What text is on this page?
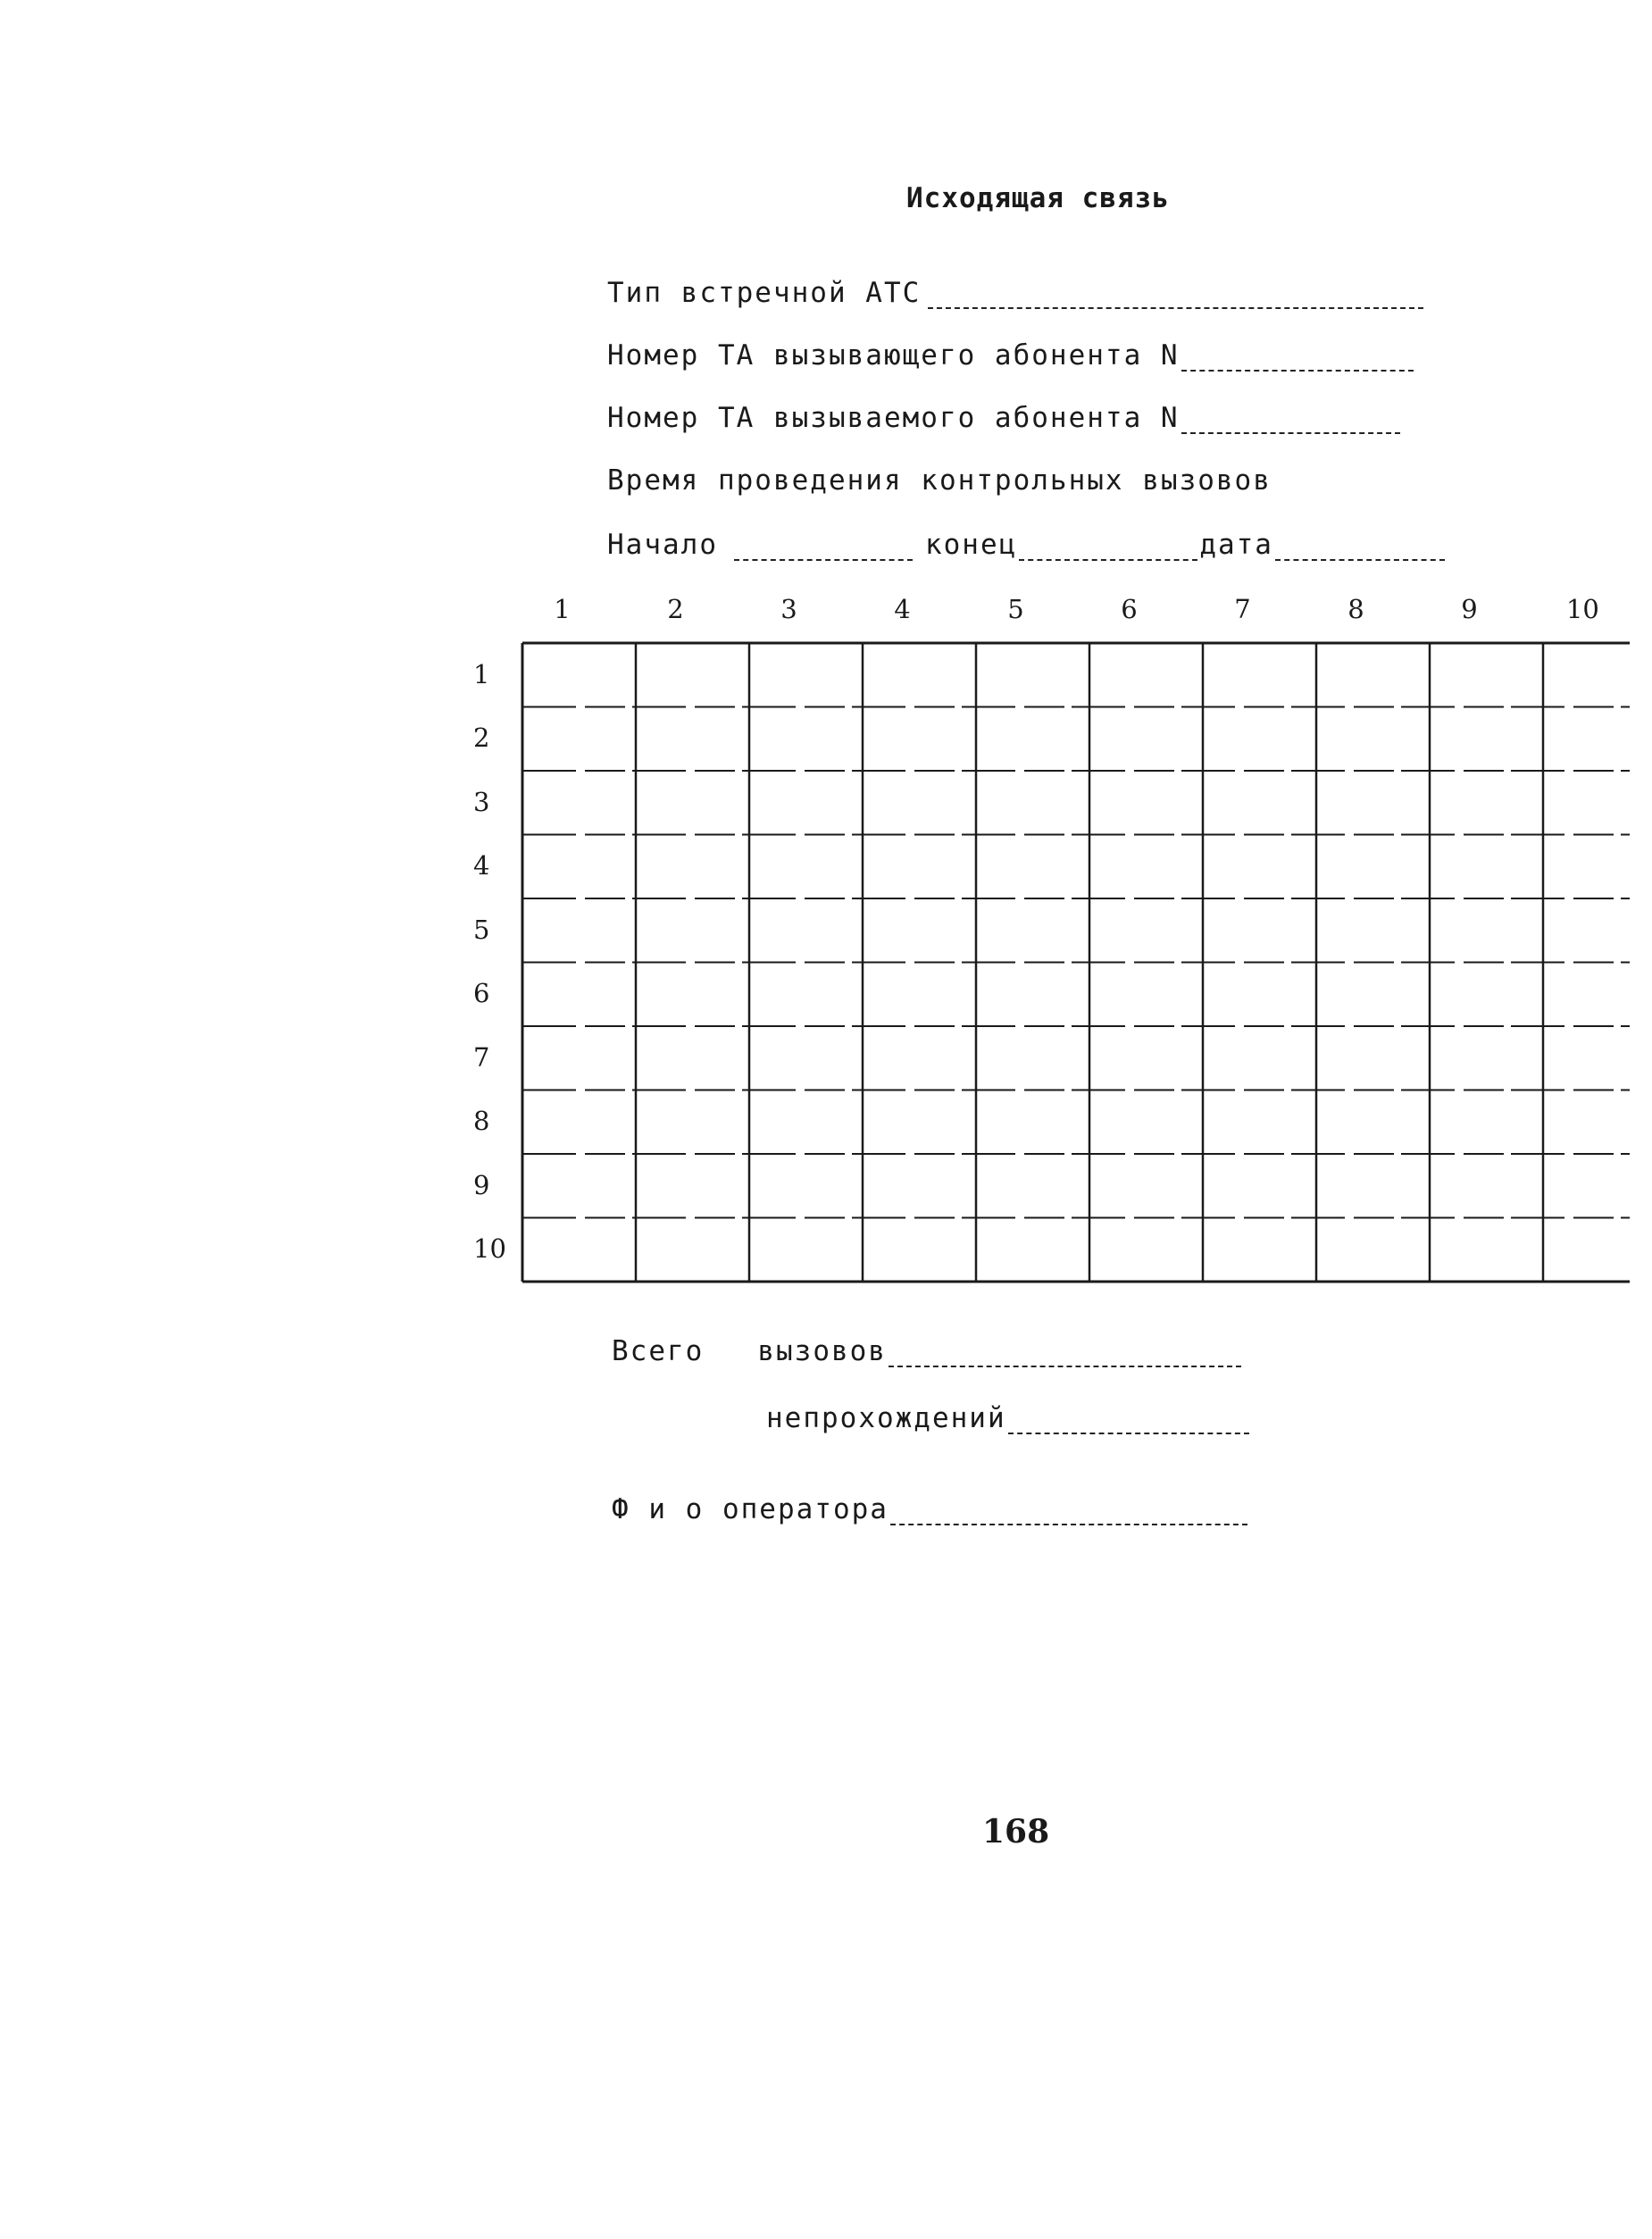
Исходящая связь
Тип встречной АТС
Номер ТА вызывающего абонента N
Номер ТА вызываемого абонента N
Время проведения контрольных вызовов
Начало	конец	дата
1	2	3	4	5	6	7	8	9	10
1
2
3
4
5
6
7
8
9
10
Всего вызовов
непрохождений
Ф и о оператора
168
